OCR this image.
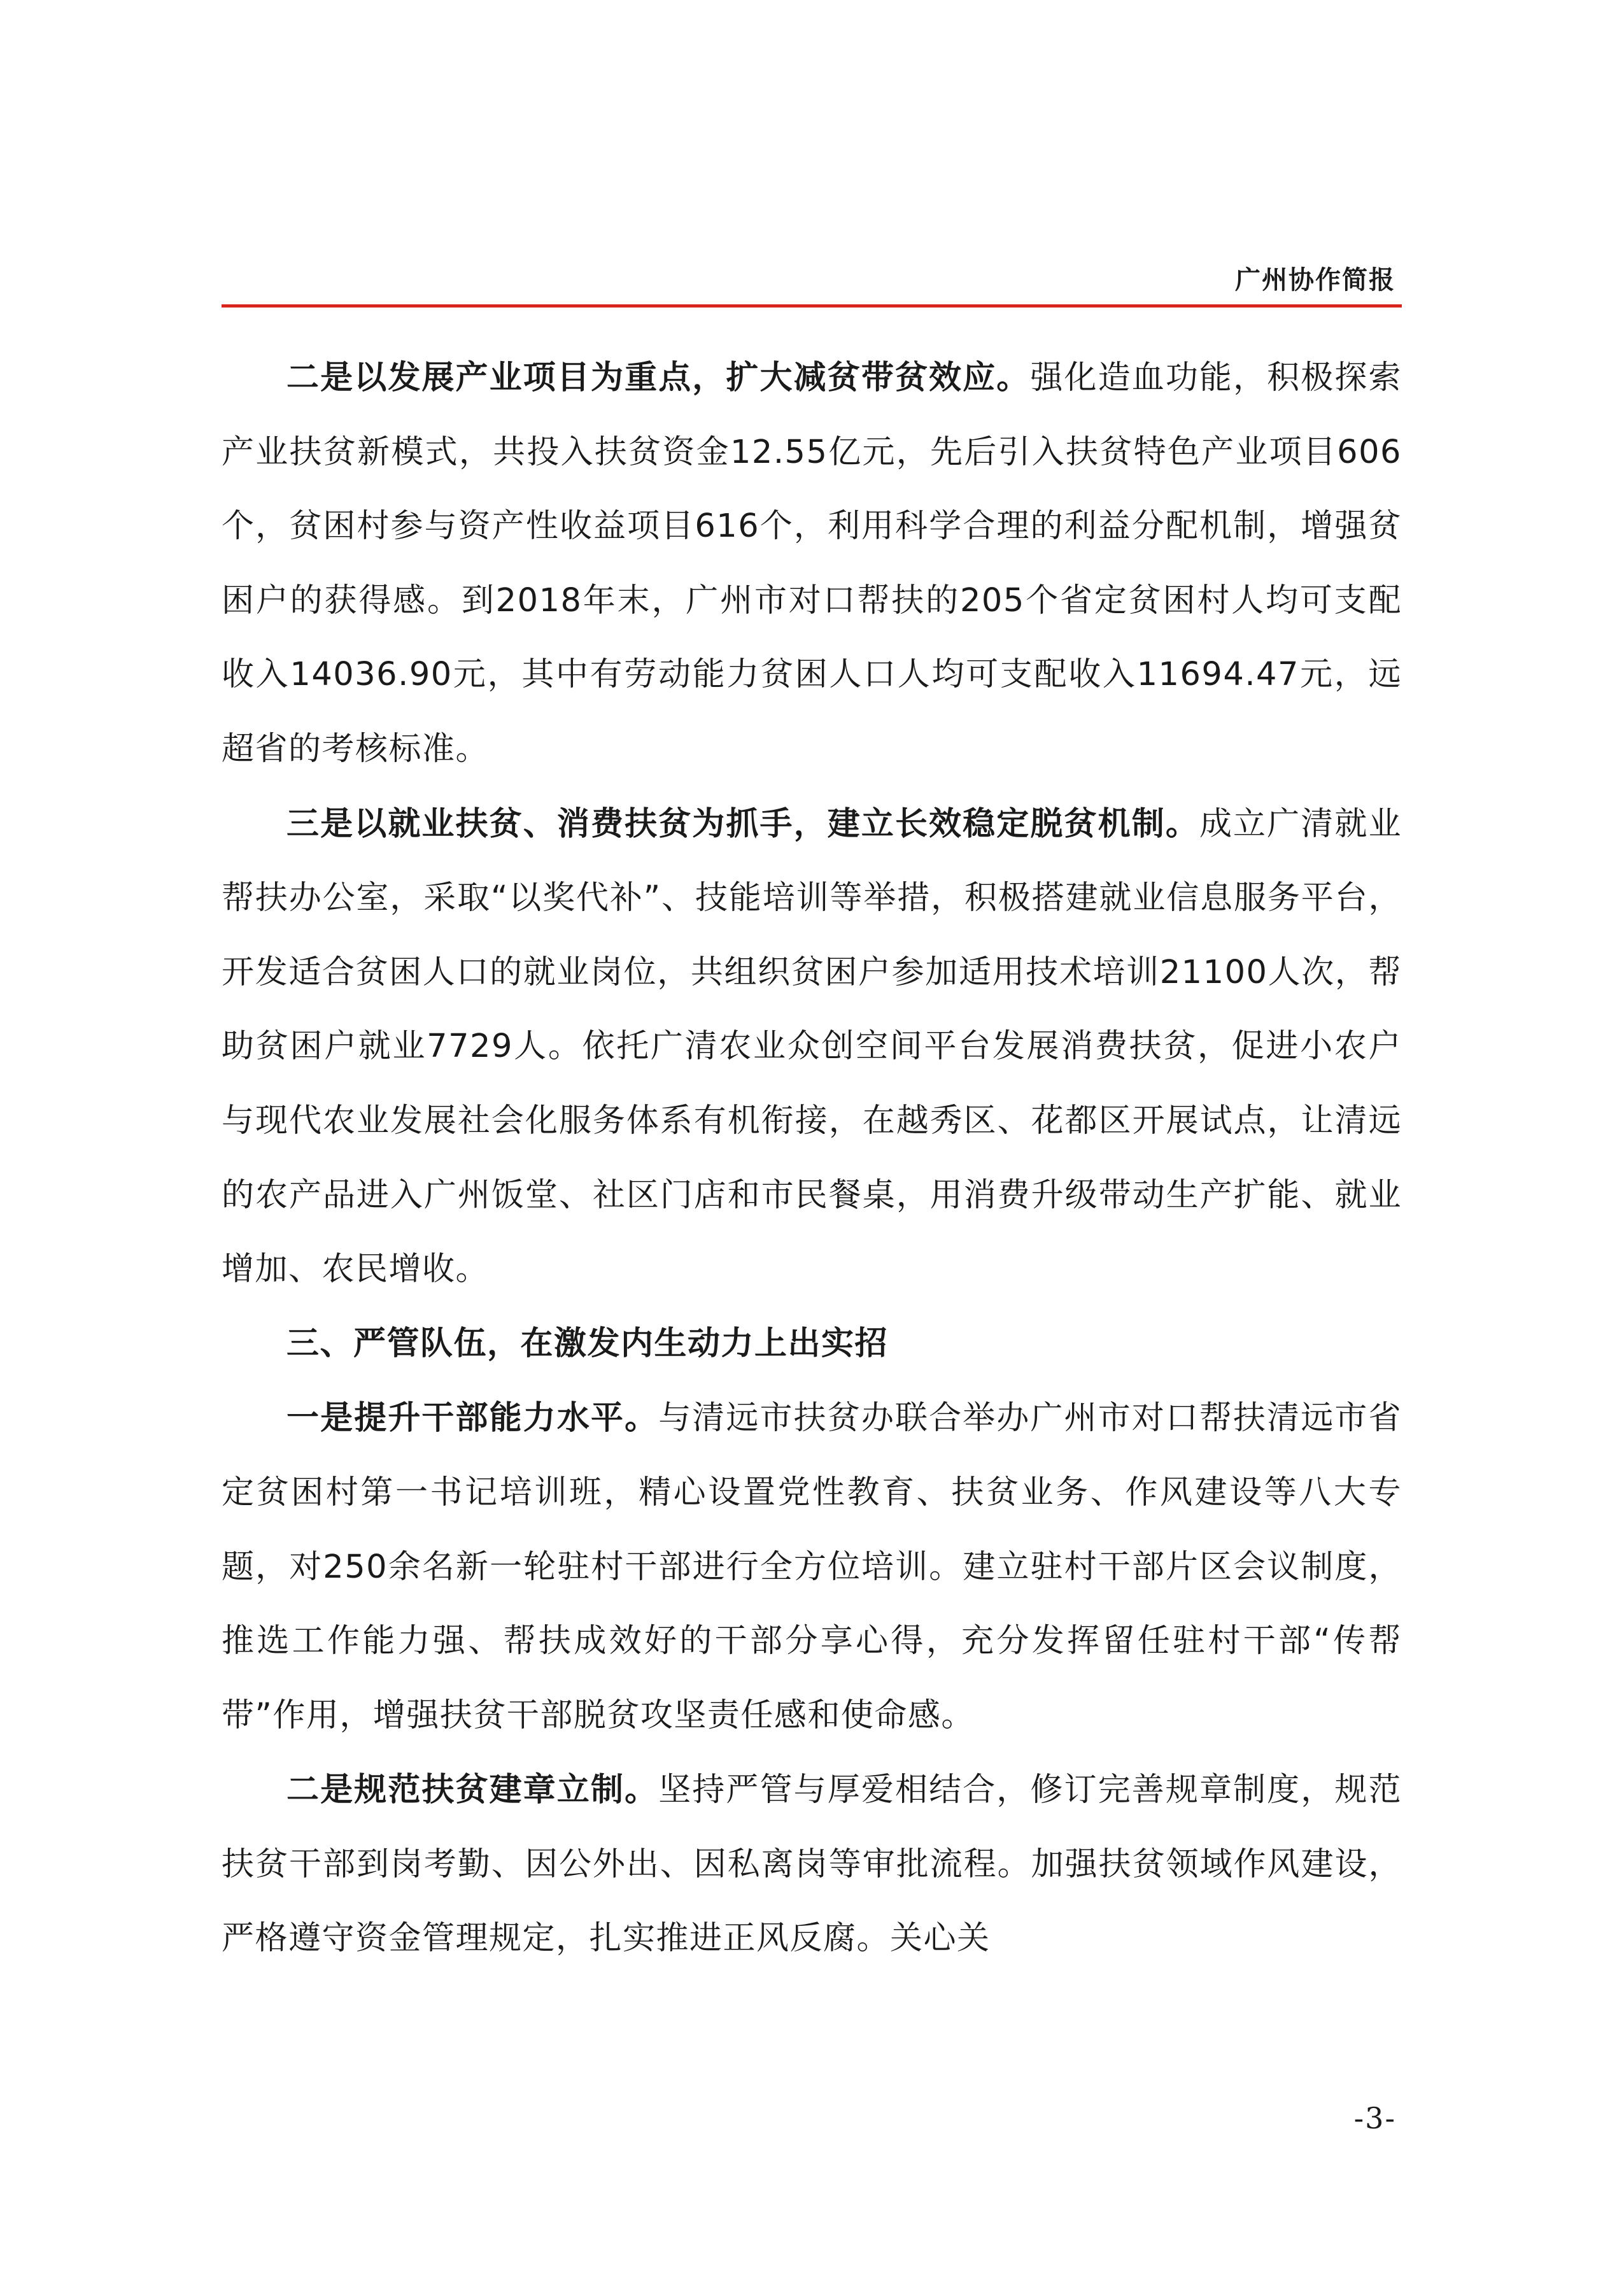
广州协作简报

二是以发展产业项目为重点，扩大减贫带贫效应。强化造血功能，积极探索产业扶贫新模式，共投入扶贫资金12.55亿元，先后引入扶贫特色产业项目606个，贫困村参与资产性收益项目616个，利用科学合理的利益分配机制，增强贫困户的获得感。到2018年末，广州市对口帮扶的205个省定贫困村人均可支配收入14036.90元，其中有劳动能力贫困人口人均可支配收入11694.47元，远超省的考核标准。

三是以就业扶贫、消费扶贫为抓手，建立长效稳定脱贫机制。成立广清就业帮扶办公室，采取“以奖代补”、技能培训等举措，积极搭建就业信息服务平台，开发适合贫困人口的就业岗位，共组织贫困户参加适用技术培训21100人次，帮助贫困户就业7729人。依托广清农业众创空间平台发展消费扶贫，促进小农户与现代农业发展社会化服务体系有机衔接，在越秀区、花都区开展试点，让清远的农产品进入广州饭堂、社区门店和市民餐桌，用消费升级带动生产扩能、就业增加、农民增收。

三、严管队伍，在激发内生动力上出实招

一是提升干部能力水平。与清远市扶贫办联合举办广州市对口帮扶清远市省定贫困村第一书记培训班，精心设置党性教育、扶贫业务、作风建设等八大专题，对250余名新一轮驻村干部进行全方位培训。建立驻村干部片区会议制度，推选工作能力强、帮扶成效好的干部分享心得，充分发挥留任驻村干部“传帮带”作用，增强扶贫干部脱贫攻坚责任感和使命感。

二是规范扶贫建章立制。坚持严管与厚爱相结合，修订完善规章制度，规范扶贫干部到岗考勤、因公外出、因私离岗等审批流程。加强扶贫领域作风建设，严格遵守资金管理规定，扎实推进正风反腐。关心关

-3-
